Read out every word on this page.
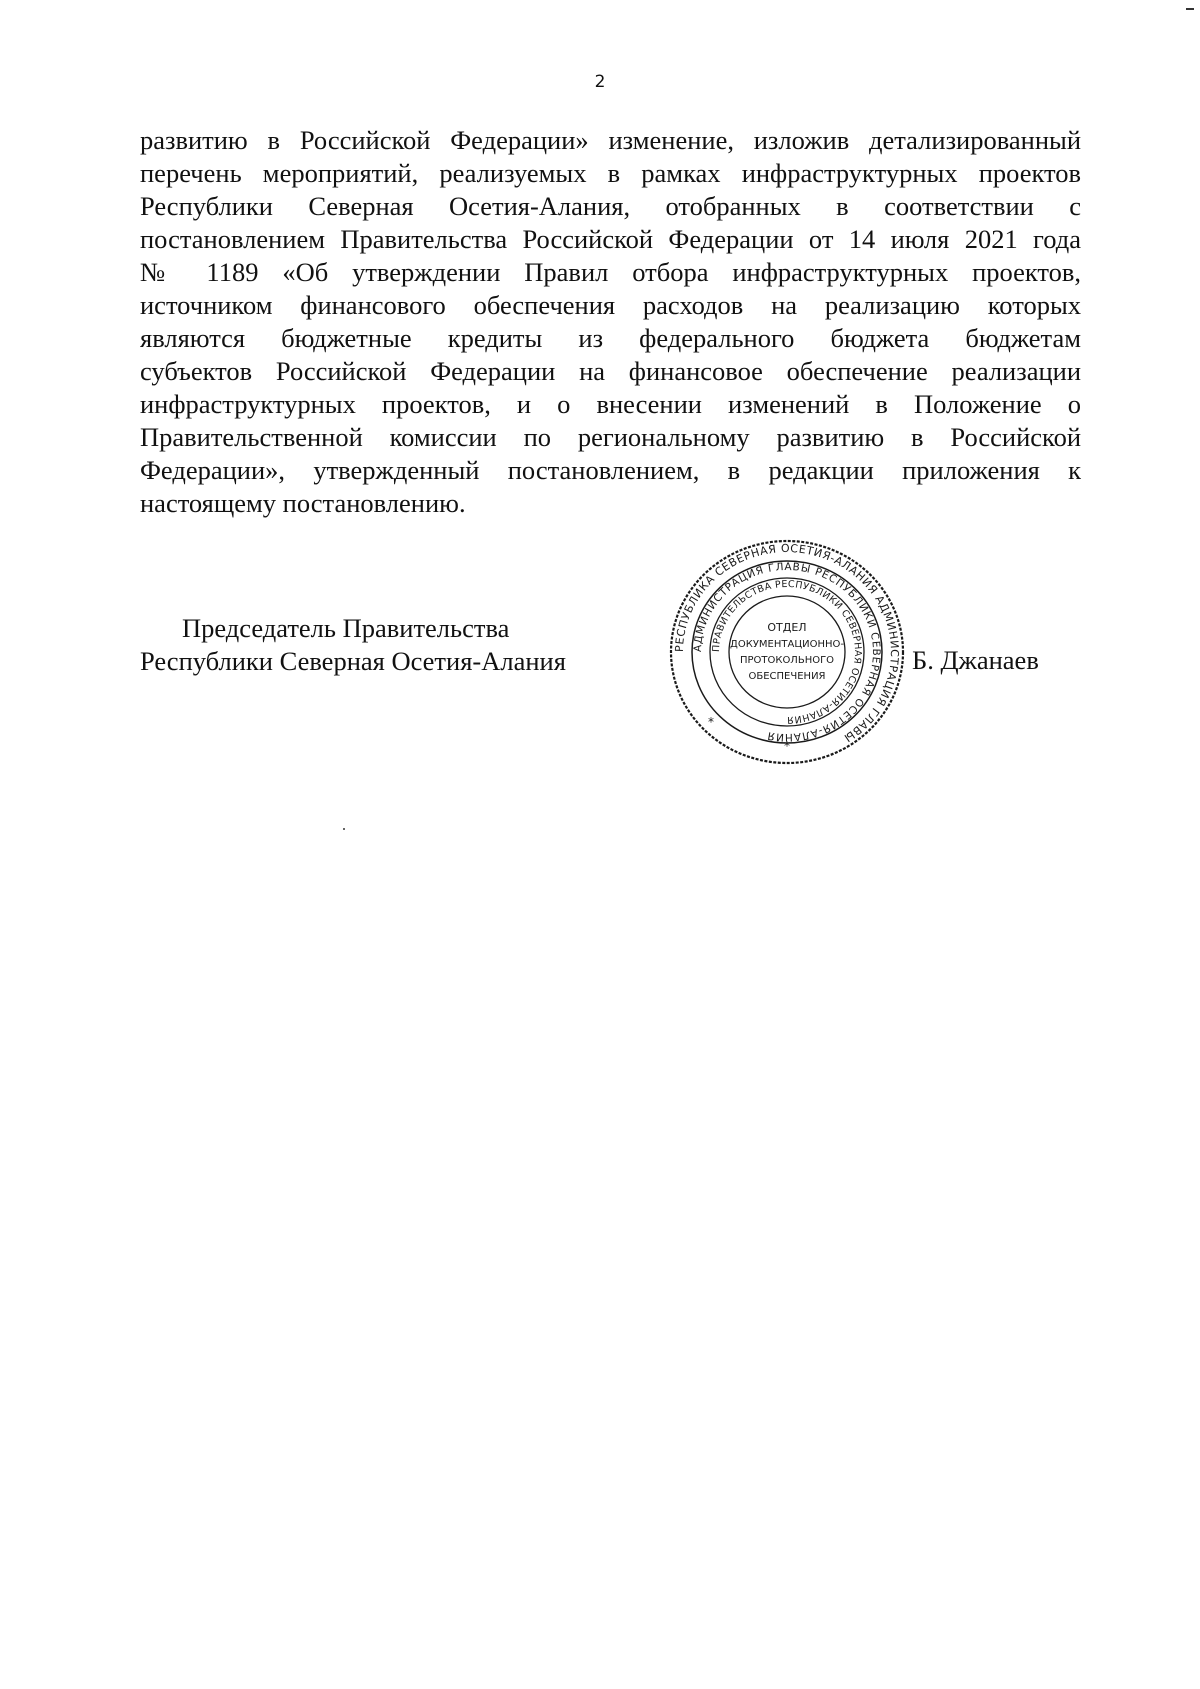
2

развитию в Российской Федерации» изменение, изложив детализированный
перечень мероприятий, реализуемых в рамках инфраструктурных проектов
Республики Северная Осетия-Алания, отобранных в соответствии с
постановлением Правительства Российской Федерации от 14 июля 2021 года
№ 1189 «Об утверждении Правил отбора инфраструктурных проектов,
источником финансового обеспечения расходов на реализацию которых
являются бюджетные кредиты из федерального бюджета бюджетам
субъектов Российской Федерации на финансовое обеспечение реализации
инфраструктурных проектов, и о внесении изменений в Положение о
Правительственной комиссии по региональному развитию в Российской
Федерации», утвержденный постановлением, в редакции приложения к
настоящему постановлению.

Председатель Правительства
Республики Северная Осетия-Алания	РЕСПУБЛИКА СЕВЕРНАЯ ОСЕТИЯ-АЛАНИЯ АДМИНИСТРАЦИЯ ГЛАВЫ
АДМИНИСТРАЦИЯ ГЛАВЫ РЕСПУБЛИКИ СЕВЕРНАЯ ОСЕТИЯ-АЛАНИЯ
ПРАВИТЕЛЬСТВА РЕСПУБЛИКИ СЕВЕРНАЯ ОСЕТИЯ-АЛАНИЯ
ОТДЕЛ
ДОКУМЕНТАЦИОННО-
ПРОТОКОЛЬНОГО
ОБЕСПЕЧЕНИЯ
*
*
Б. Джанаев
